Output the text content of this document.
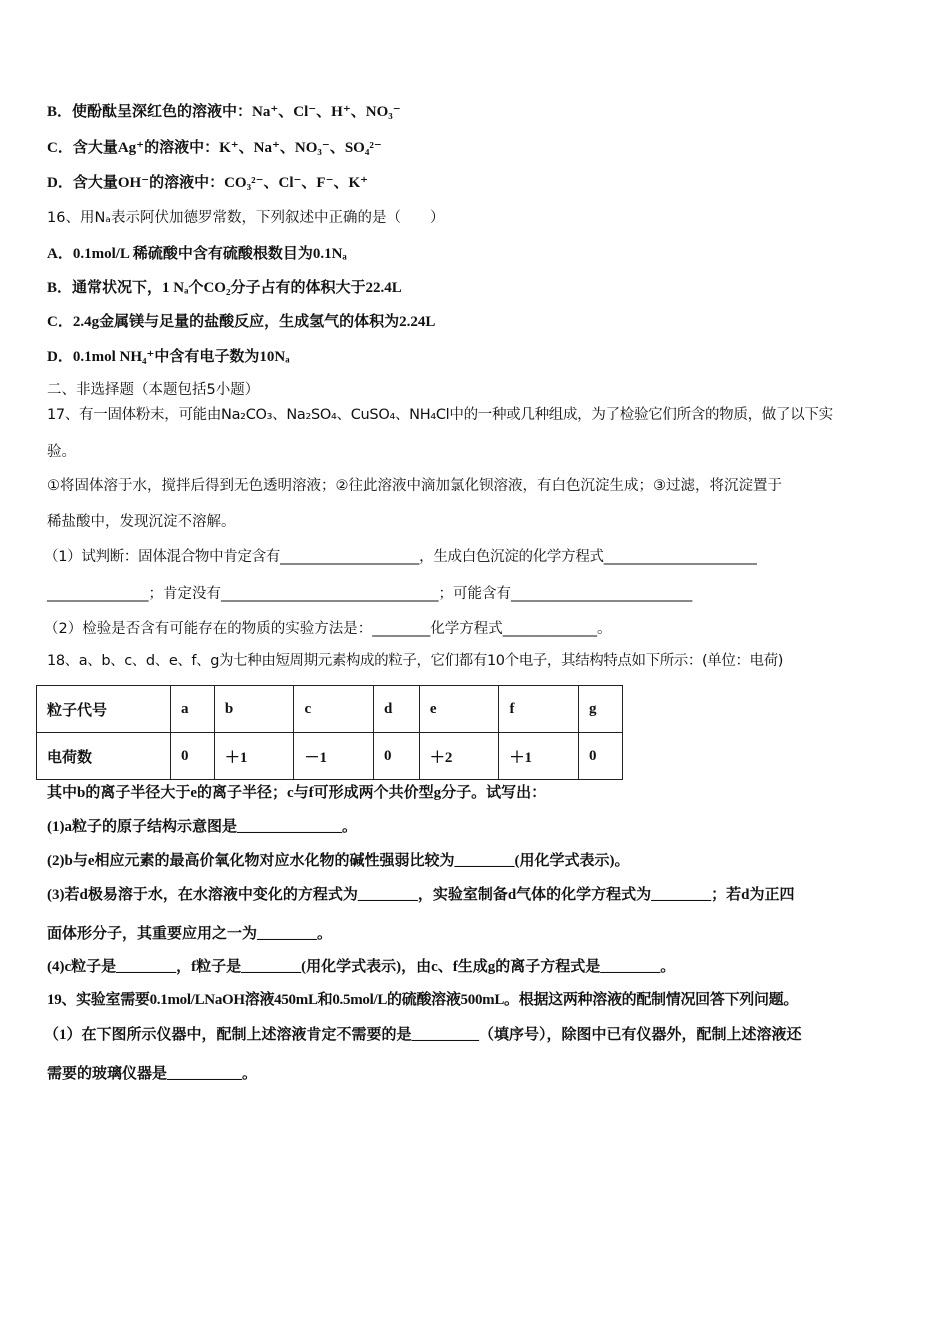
B．使酚酞呈深红色的溶液中：Na⁺、Cl⁻、H⁺、NO₃⁻
C．含大量Ag⁺的溶液中：K⁺、Na⁺、NO₃⁻、SO₄²⁻
D．含大量OH⁻的溶液中：CO₃²⁻、Cl⁻、F⁻、K⁺
16、用Nₐ表示阿伏加德罗常数，下列叙述中正确的是（　　）
A．0.1mol/L 稀硫酸中含有硫酸根数目为0.1Nₐ
B．通常状况下，1 Nₐ个CO₂分子占有的体积大于22.4L
C．2.4g金属镁与足量的盐酸反应，生成氢气的体积为2.24L
D．0.1mol NH₄⁺中含有电子数为10Nₐ
二、非选择题（本题包括5小题）
17、有一固体粉末，可能由Na₂CO₃、Na₂SO₄、CuSO₄、NH₄Cl中的一种或几种组成，为了检验它们所含的物质，做了以下实
验。
①将固体溶于水，搅拌后得到无色透明溶液；②往此溶液中滴加氯化钡溶液，有白色沉淀生成；③过滤，将沉淀置于
稀盐酸中，发现沉淀不溶解。
（1）试判断：固体混合物中肯定含有____________________，生成白色沉淀的化学方程式______________________
______________；肯定没有______________________________；可能含有_________________________
（2）检验是否含有可能存在的物质的实验方法是：________化学方程式_____________。
18、a、b、c、d、e、f、g为七种由短周期元素构成的粒子，它们都有10个电子，其结构特点如下所示：(单位：电荷)
粒子代号	a	b	c	d	e	f	g
电荷数	0	＋1	－1	0	＋2	＋1	0
其中b的离子半径大于e的离子半径；c与f可形成两个共价型g分子。试写出：
(1)a粒子的原子结构示意图是______________。
(2)b与e相应元素的最高价氧化物对应水化物的碱性强弱比较为________(用化学式表示)。
(3)若d极易溶于水，在水溶液中变化的方程式为________，实验室制备d气体的化学方程式为________；若d为正四
面体形分子，其重要应用之一为________。
(4)c粒子是________，f粒子是________(用化学式表示)，由c、f生成g的离子方程式是________。
19、实验室需要0.1mol/LNaOH溶液450mL和0.5mol/L的硫酸溶液500mL。根据这两种溶液的配制情况回答下列问题。
（1）在下图所示仪器中，配制上述溶液肯定不需要的是_________（填序号），除图中已有仪器外，配制上述溶液还
需要的玻璃仪器是__________。
